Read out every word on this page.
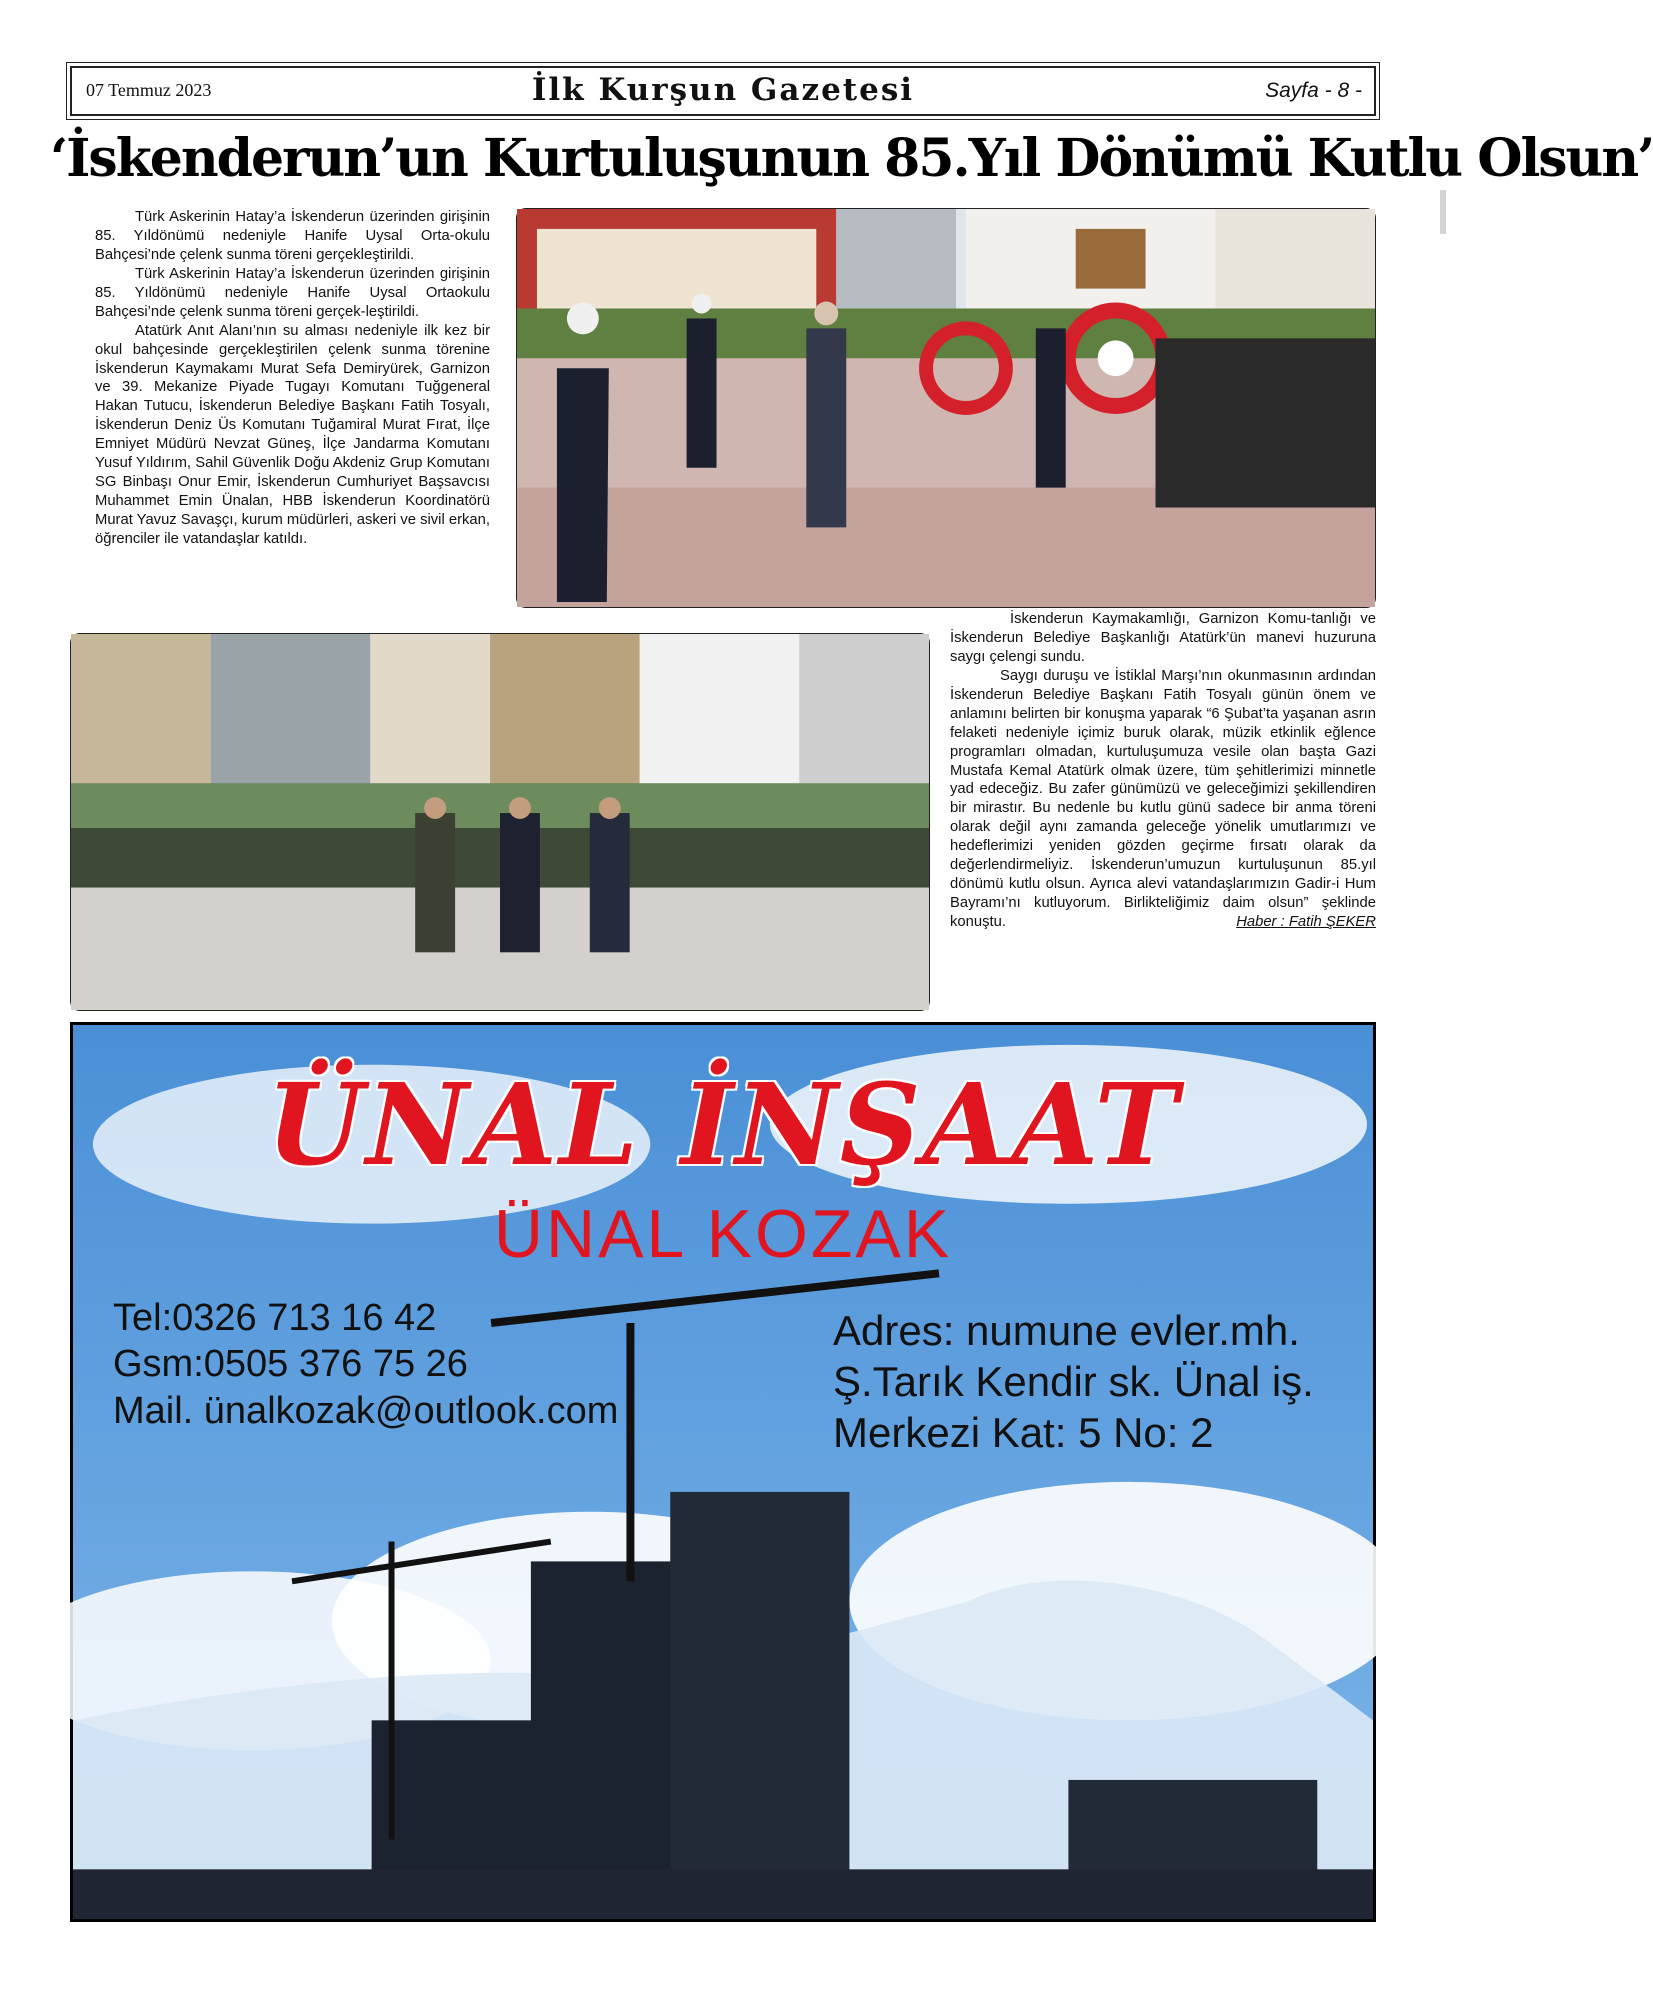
07 Temmuz 2023	İlk Kurşun Gazetesi	Sayfa - 8 -
‘İskenderun’un Kurtuluşunun 85.Yıl Dönümü Kutlu Olsun’

Türk Askerinin Hatay’a İskenderun üzerinden girişinin 85. Yıldönümü nedeniyle Hanife Uysal Orta-okulu Bahçesi’nde çelenk sunma töreni gerçekleştirildi.

Türk Askerinin Hatay’a İskenderun üzerinden girişinin 85. Yıldönümü nedeniyle Hanife Uysal Ortaokulu Bahçesi’nde çelenk sunma töreni gerçek-leştirildi.

Atatürk Anıt Alanı’nın su alması nedeniyle ilk kez bir okul bahçesinde gerçekleştirilen çelenk sunma törenine İskenderun Kaymakamı Murat Sefa Demiryürek, Garnizon ve 39. Mekanize Piyade Tugayı Komutanı Tuğgeneral Hakan Tutucu, İskenderun Belediye Başkanı Fatih Tosyalı, İskenderun Deniz Üs Komutanı Tuğamiral Murat Fırat, İlçe Emniyet Müdürü Nevzat Güneş, İlçe Jandarma Komutanı Yusuf Yıldırım, Sahil Güvenlik Doğu Akdeniz Grup Komutanı SG Binbaşı Onur Emir, İskenderun Cumhuriyet Başsavcısı Muhammet Emin Ünalan, HBB İskenderun Koordinatörü Murat Yavuz Savaşçı, kurum müdürleri, askeri ve sivil erkan, öğrenciler ile vatandaşlar katıldı.

İskenderun Kaymakamlığı, Garnizon Komu-tanlığı ve İskenderun Belediye Başkanlığı Atatürk’ün manevi huzuruna saygı çelengi sundu.

Saygı duruşu ve İstiklal Marşı’nın okunmasının ardından İskenderun Belediye Başkanı Fatih Tosyalı günün önem ve anlamını belirten bir konuşma yaparak “6 Şubat’ta yaşanan asrın felaketi nedeniyle içimiz buruk olarak, müzik etkinlik eğlence programları olmadan, kurtuluşumuza vesile olan başta Gazi Mustafa Kemal Atatürk olmak üzere, tüm şehitlerimizi minnetle yad edeceğiz. Bu zafer günümüzü ve geleceğimizi şekillendiren bir mirastır. Bu nedenle bu kutlu günü sadece bir anma töreni olarak değil aynı zamanda geleceğe yönelik umutlarımızı ve hedeflerimizi yeniden gözden geçirme fırsatı olarak da değerlendirmeliyiz. İskenderun’umuzun kurtuluşunun 85.yıl dönümü kutlu olsun. Ayrıca alevi vatandaşlarımızın Gadir-i Hum Bayramı’nı kutluyorum. Birlikteliğimiz daim olsun” şeklinde konuştu.	Haber : Fatih ŞEKER
ÜNAL İNŞAAT
ÜNAL KOZAK
Tel:0326 713 16 42
Gsm:0505 376 75 26
Mail. ünalkozak@outlook.com
Adres: numune evler.mh.
Ş.Tarık Kendir sk. Ünal iş.
Merkezi Kat: 5 No: 2
